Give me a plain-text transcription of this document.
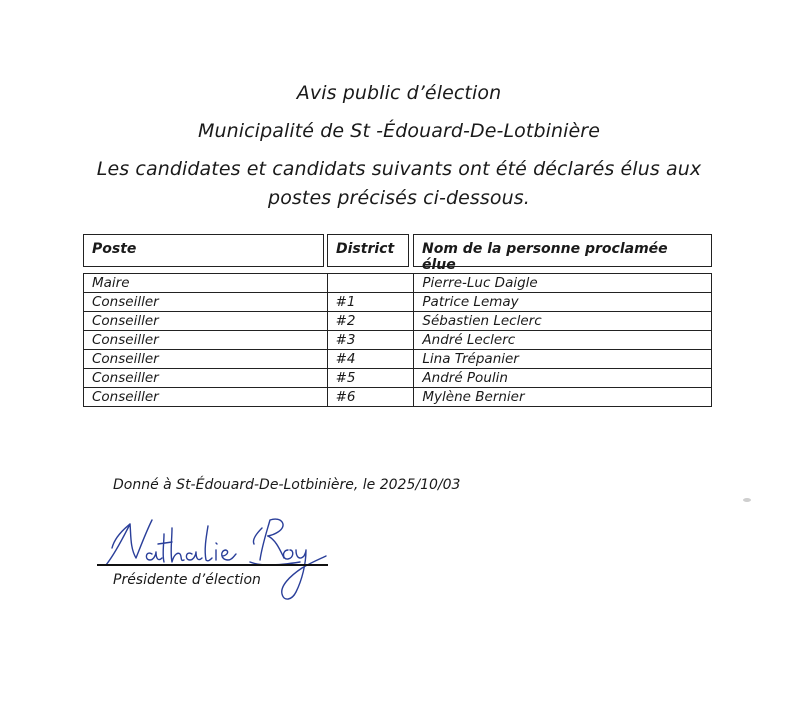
Avis public d’élection
Municipalité de St -Édouard-De-Lotbinière
Les candidates et candidats suivants ont été déclarés élus aux
postes précisés ci-dessous.
Poste	District	Nom de la personne proclamée élue
Maire		Pierre-Luc Daigle
Conseiller	#1	Patrice Lemay
Conseiller	#2	Sébastien Leclerc
Conseiller	#3	André Leclerc
Conseiller	#4	Lina Trépanier
Conseiller	#5	André Poulin
Conseiller	#6	Mylène Bernier
Donné à St-Édouard-De-Lotbinière, le 2025/10/03
Présidente d’élection
